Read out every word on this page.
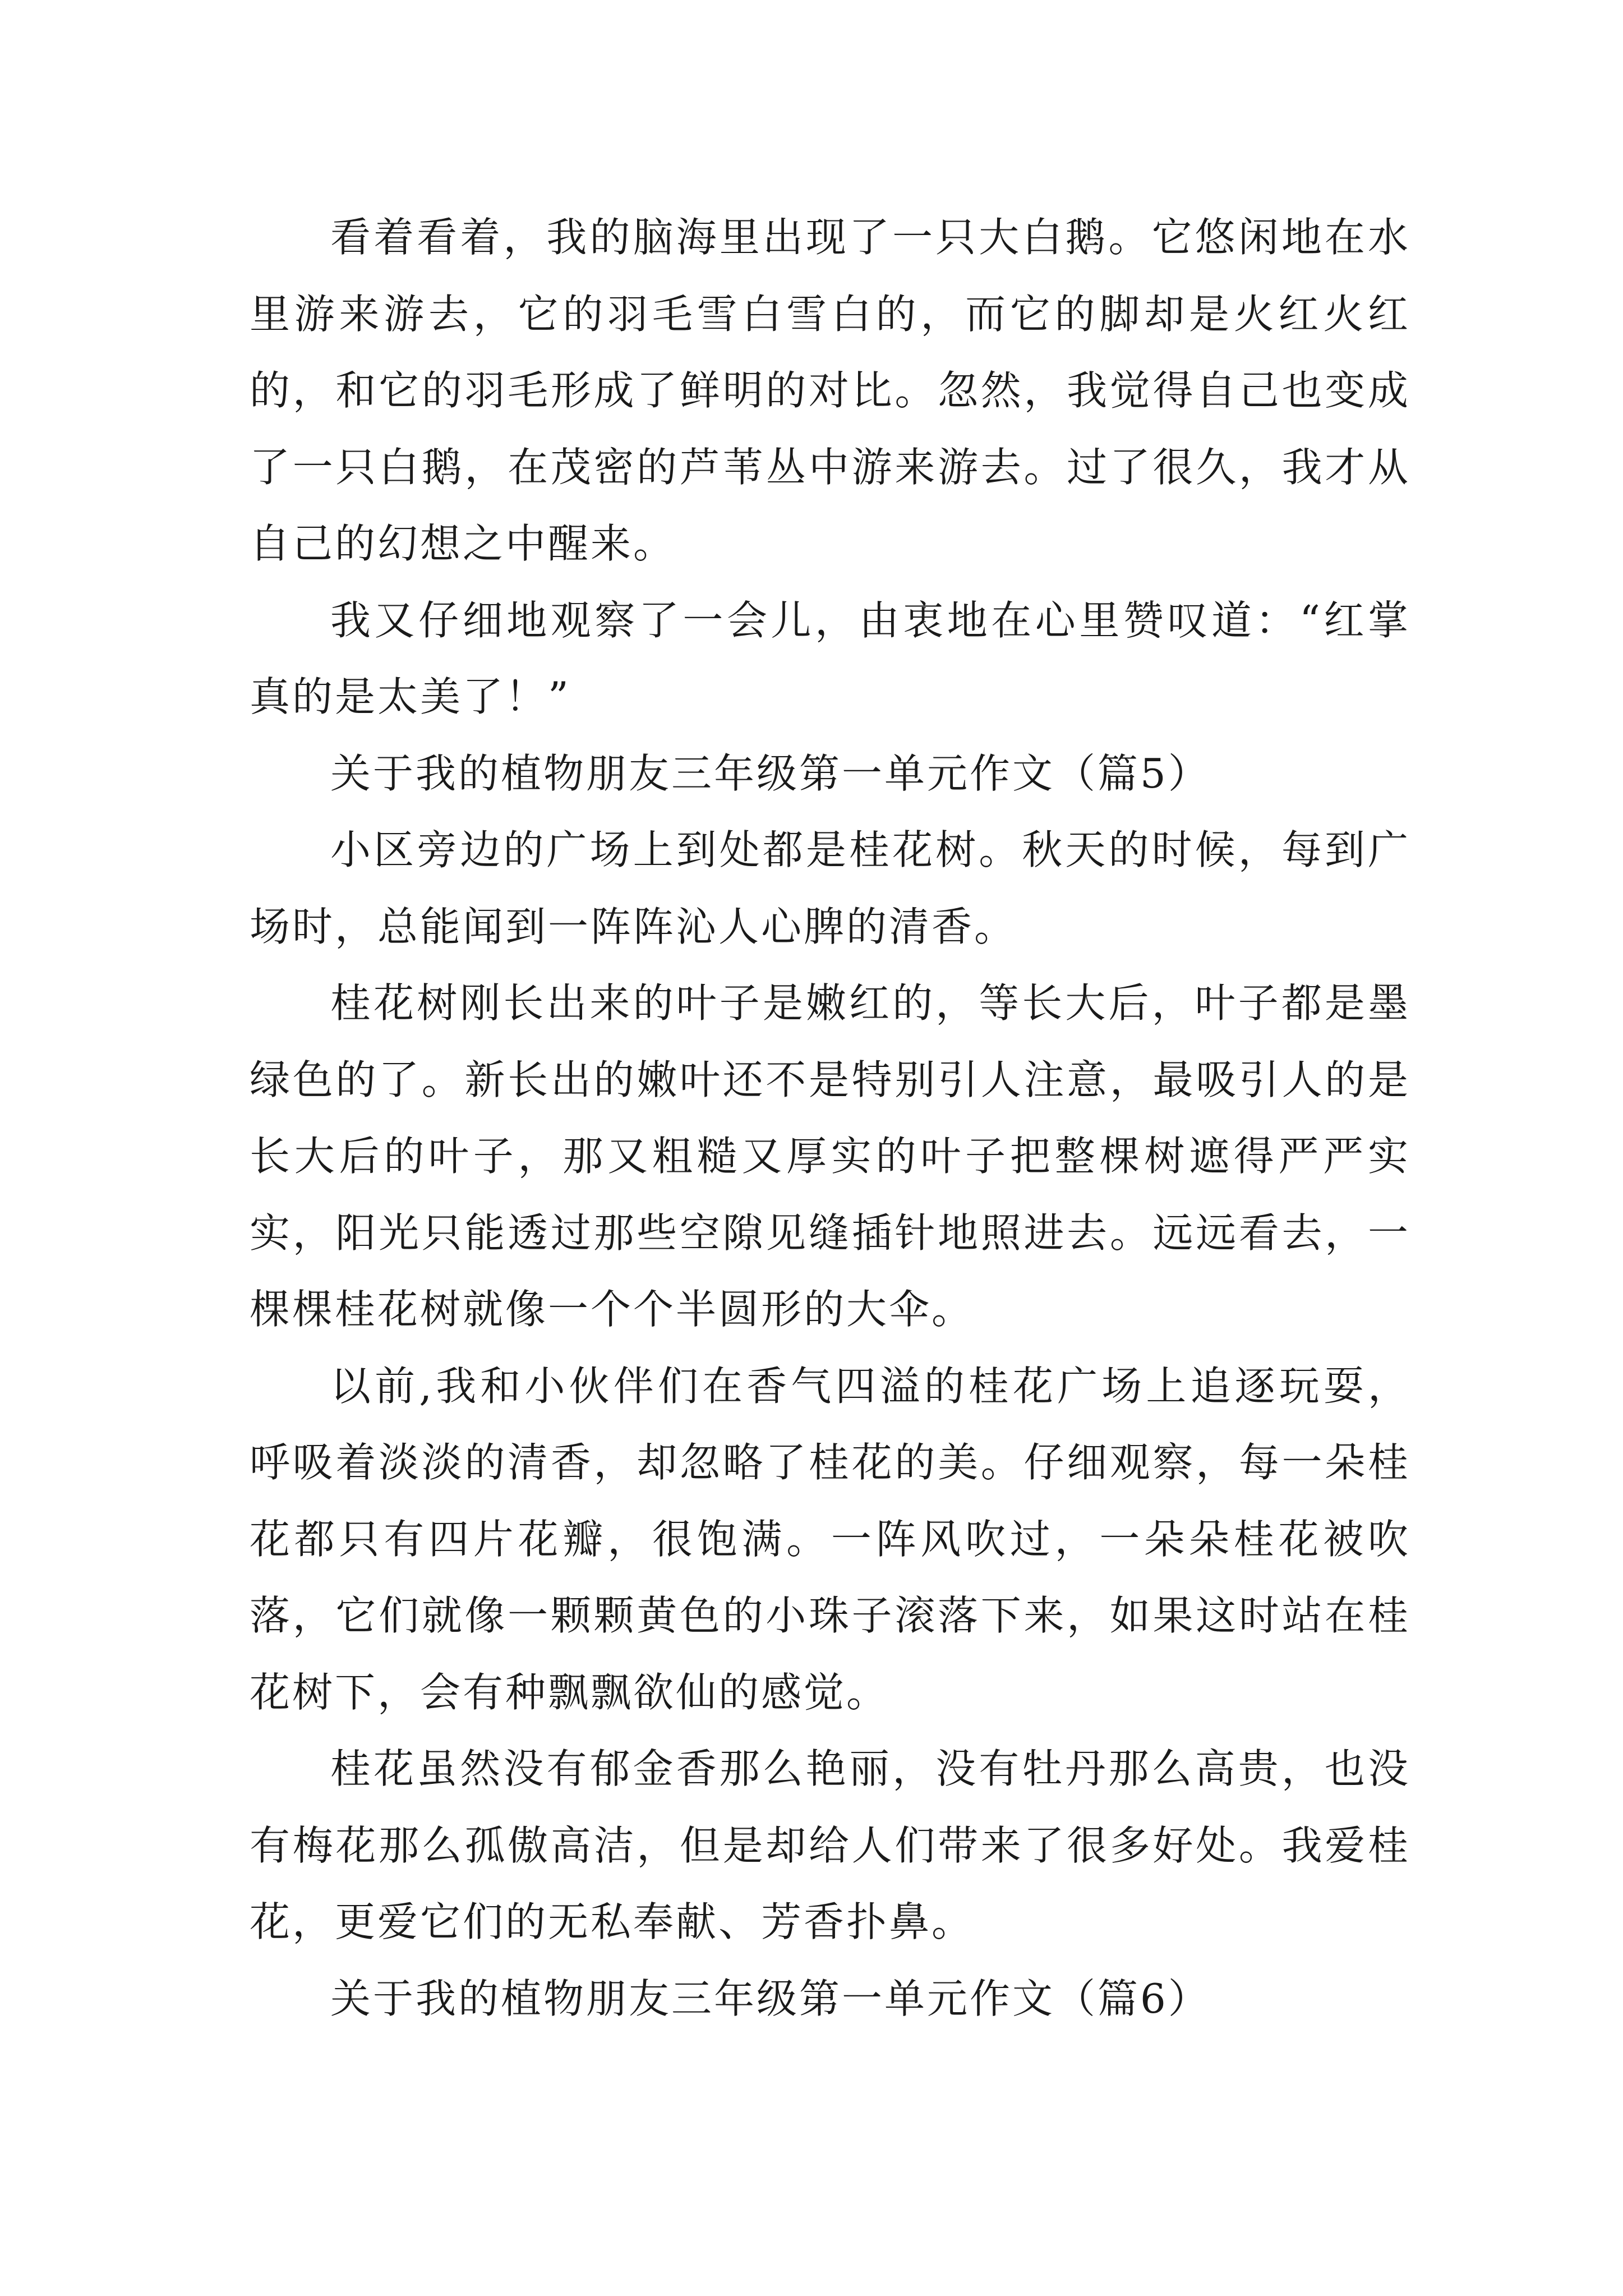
看着看着，我的脑海里出现了一只大白鹅。它悠闲地在水里游来游去，它的羽毛雪白雪白的，而它的脚却是火红火红的，和它的羽毛形成了鲜明的对比。忽然，我觉得自己也变成了一只白鹅，在茂密的芦苇丛中游来游去。过了很久，我才从自己的幻想之中醒来。

我又仔细地观察了一会儿，由衷地在心里赞叹道：“红掌真的是太美了！”

关于我的植物朋友三年级第一单元作文（篇5）

小区旁边的广场上到处都是桂花树。秋天的时候，每到广场时，总能闻到一阵阵沁人心脾的清香。

桂花树刚长出来的叶子是嫩红的，等长大后，叶子都是墨绿色的了。新长出的嫩叶还不是特别引人注意，最吸引人的是长大后的叶子，那又粗糙又厚实的叶子把整棵树遮得严严实实，阳光只能透过那些空隙见缝插针地照进去。远远看去，一棵棵桂花树就像一个个半圆形的大伞。

以前,我和小伙伴们在香气四溢的桂花广场上追逐玩耍，呼吸着淡淡的清香，却忽略了桂花的美。仔细观察，每一朵桂花都只有四片花瓣，很饱满。一阵风吹过，一朵朵桂花被吹落，它们就像一颗颗黄色的小珠子滚落下来，如果这时站在桂花树下，会有种飘飘欲仙的感觉。

桂花虽然没有郁金香那么艳丽，没有牡丹那么高贵，也没有梅花那么孤傲高洁，但是却给人们带来了很多好处。我爱桂花，更爱它们的无私奉献、芳香扑鼻。

关于我的植物朋友三年级第一单元作文（篇6）
